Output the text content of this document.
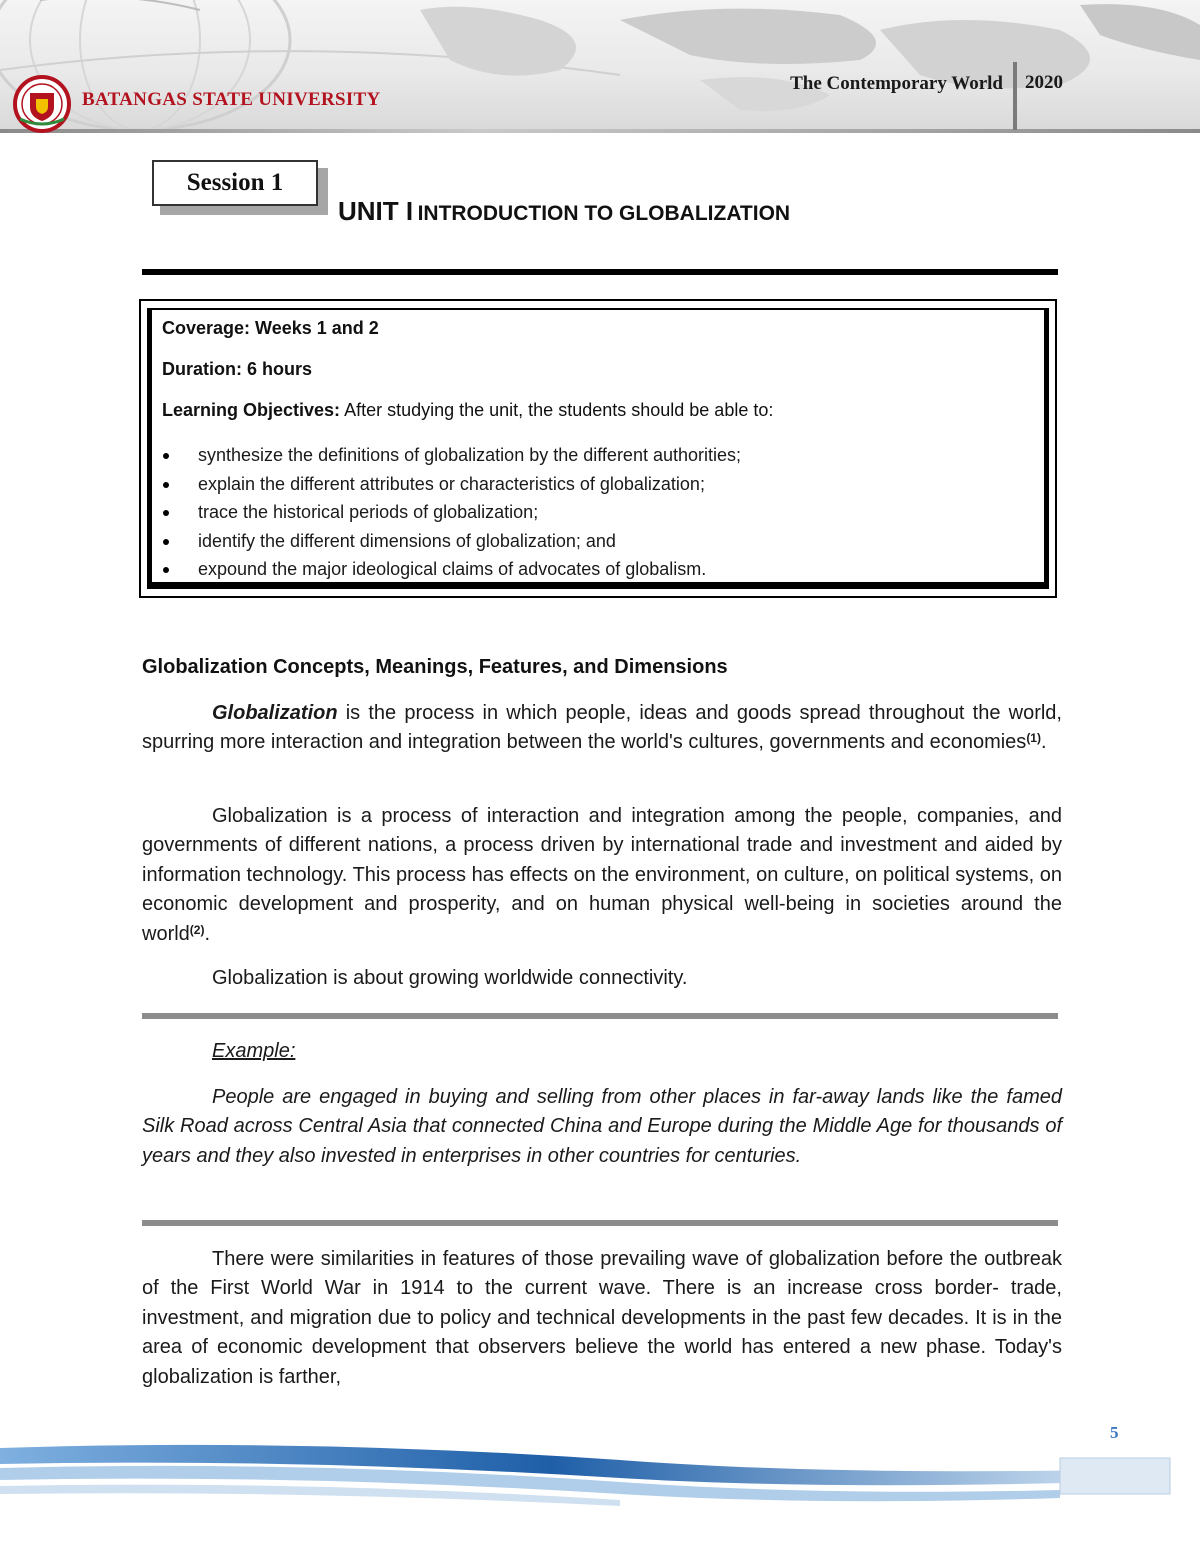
BATANGAS STATE UNIVERSITY
The Contemporary World 2020
Session 1
UNIT I INTRODUCTION TO GLOBALIZATION
Coverage: Weeks 1 and 2
Duration: 6 hours
Learning Objectives: After studying the unit, the students should be able to:
synthesize the definitions of globalization by the different authorities;
explain the different attributes or characteristics of globalization;
trace the historical periods of globalization;
identify the different dimensions of globalization; and
expound the major ideological claims of advocates of globalism.
Globalization Concepts, Meanings, Features, and Dimensions

Globalization is the process in which people, ideas and goods spread throughout the world, spurring more interaction and integration between the world's cultures, governments and economies$^{(1)}$.

Globalization is a process of interaction and integration among the people, companies, and governments of different nations, a process driven by international trade and investment and aided by information technology. This process has effects on the environment, on culture, on political systems, on economic development and prosperity, and on human physical well-being in societies around the world$^{(2)}$.

Globalization is about growing worldwide connectivity.

Example:

People are engaged in buying and selling from other places in far-away lands like the famed Silk Road across Central Asia that connected China and Europe during the Middle Age for thousands of years and they also invested in enterprises in other countries for centuries.

There were similarities in features of those prevailing wave of globalization before the outbreak of the First World War in 1914 to the current wave. There is an increase cross border- trade, investment, and migration due to policy and technical developments in the past few decades. It is in the area of economic development that observers believe the world has entered a new phase. Today's globalization is farther,

5
